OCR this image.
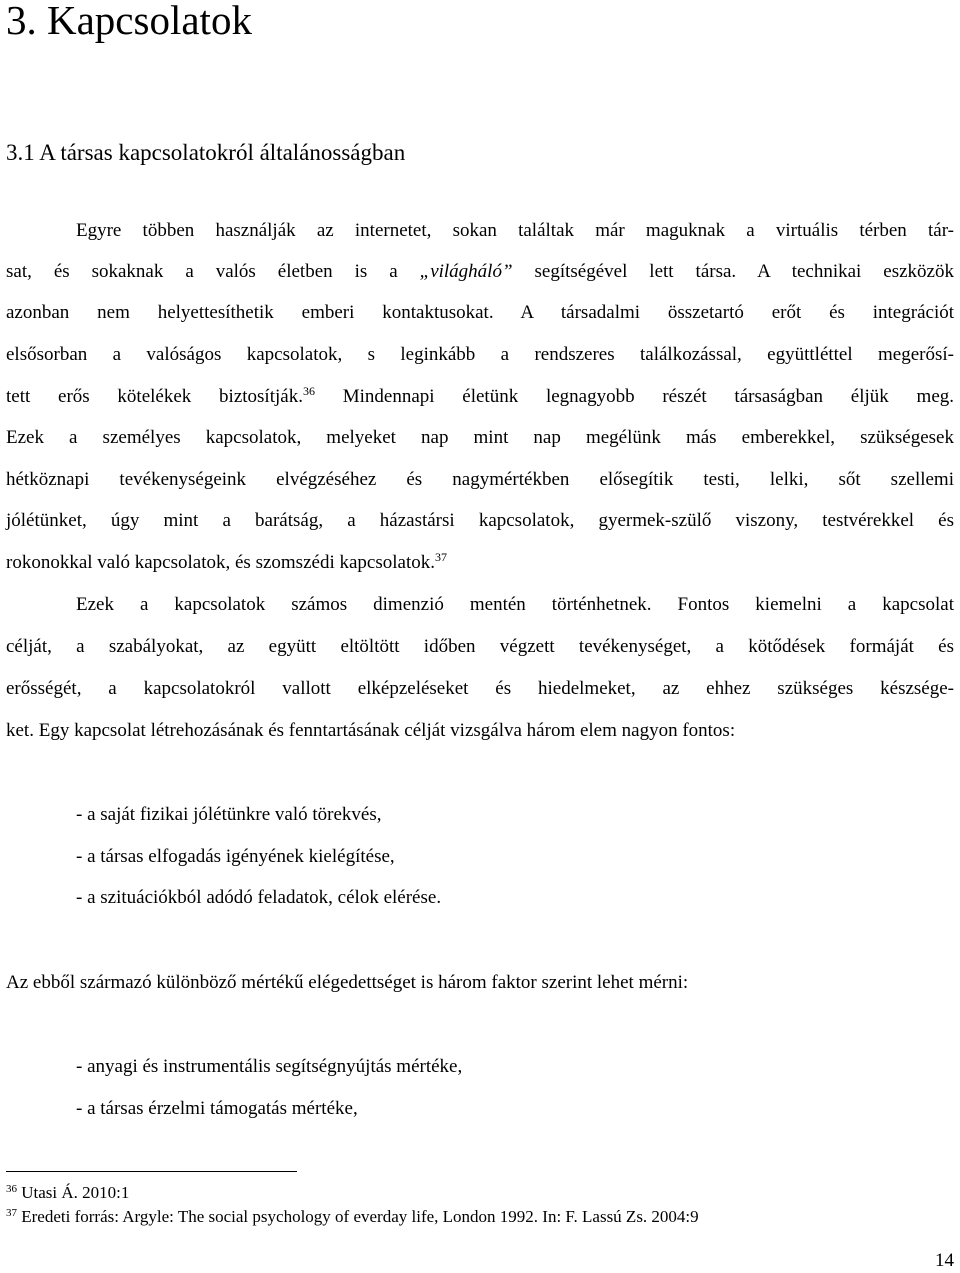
3. Kapcsolatok
3.1 A társas kapcsolatokról általánosságban
Egyre többen használják az internetet, sokan találtak már maguknak a virtuális térben tár-
sat, és sokaknak a valós életben is a „világháló” segítségével lett társa. A technikai eszközök
azonban nem helyettesíthetik emberi kontaktusokat. A társadalmi összetartó erőt és integrációt
elsősorban a valóságos kapcsolatok, s leginkább a rendszeres találkozással, együttléttel megerősí-
tett erős kötelékek biztosítják.$^{36}$ Mindennapi életünk legnagyobb részét társaságban éljük meg.
Ezek a személyes kapcsolatok, melyeket nap mint nap megélünk más emberekkel, szükségesek
hétköznapi tevékenységeink elvégzéséhez és nagymértékben elősegítik testi, lelki, sőt szellemi
jólétünket, úgy mint a barátság, a házastársi kapcsolatok, gyermek-szülő viszony, testvérekkel és
rokonokkal való kapcsolatok, és szomszédi kapcsolatok.$^{37}$
Ezek a kapcsolatok számos dimenzió mentén történhetnek. Fontos kiemelni a kapcsolat
célját, a szabályokat, az együtt eltöltött időben végzett tevékenységet, a kötődések formáját és
erősségét, a kapcsolatokról vallott elképzeléseket és hiedelmeket, az ehhez szükséges készsége-
ket. Egy kapcsolat létrehozásának és fenntartásának célját vizsgálva három elem nagyon fontos:
- a saját fizikai jólétünkre való törekvés,
- a társas elfogadás igényének kielégítése,
- a szituációkból adódó feladatok, célok elérése.
Az ebből származó különböző mértékű elégedettséget is három faktor szerint lehet mérni:
- anyagi és instrumentális segítségnyújtás mértéke,
- a társas érzelmi támogatás mértéke,
$^{36}$ Utasi Á. 2010:1
$^{37}$ Eredeti forrás: Argyle: The social psychology of everday life, London 1992. In: F. Lassú Zs. 2004:9
14
